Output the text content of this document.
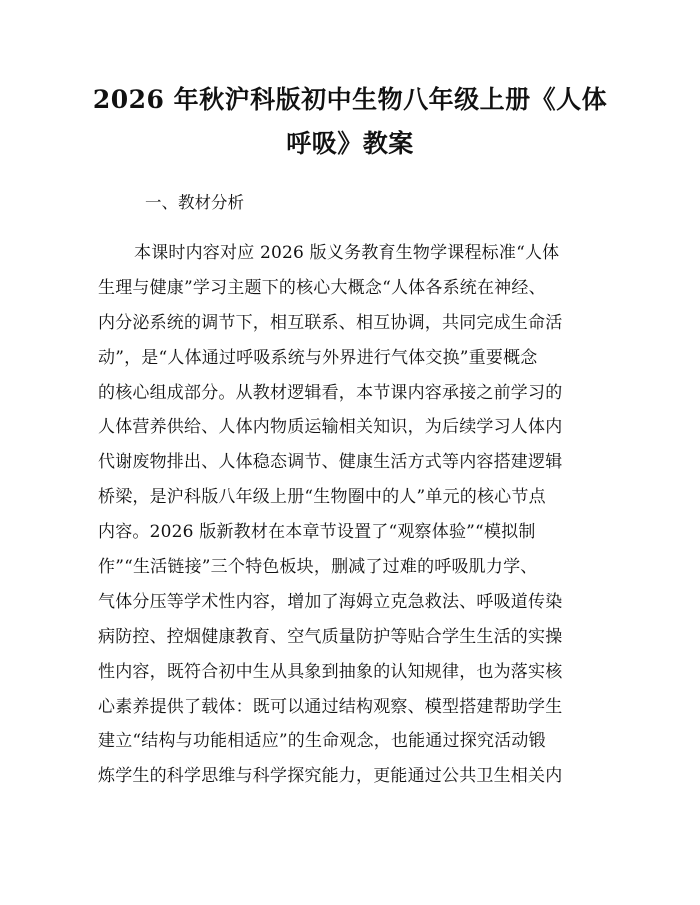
2026 年秋沪科版初中生物八年级上册《人体
呼吸》教案
一、教材分析
本课时内容对应 2026 版义务教育生物学课程标准“人体
生理与健康”学习主题下的核心大概念“人体各系统在神经、
内分泌系统的调节下，相互联系、相互协调，共同完成生命活
动”，是“人体通过呼吸系统与外界进行气体交换”重要概念
的核心组成部分。从教材逻辑看，本节课内容承接之前学习的
人体营养供给、人体内物质运输相关知识，为后续学习人体内
代谢废物排出、人体稳态调节、健康生活方式等内容搭建逻辑
桥梁，是沪科版八年级上册“生物圈中的人”单元的核心节点
内容。2026 版新教材在本章节设置了“观察体验”“模拟制
作”“生活链接”三个特色板块，删减了过难的呼吸肌力学、
气体分压等学术性内容，增加了海姆立克急救法、呼吸道传染
病防控、控烟健康教育、空气质量防护等贴合学生生活的实操
性内容，既符合初中生从具象到抽象的认知规律，也为落实核
心素养提供了载体：既可以通过结构观察、模型搭建帮助学生
建立“结构与功能相适应”的生命观念，也能通过探究活动锻
炼学生的科学思维与科学探究能力，更能通过公共卫生相关内
